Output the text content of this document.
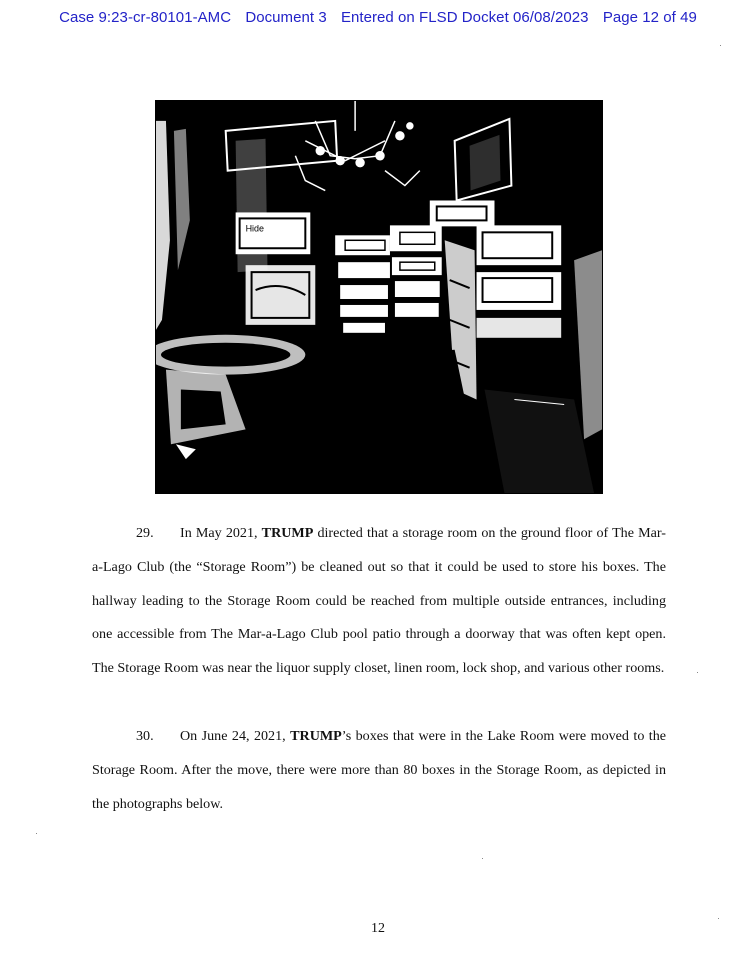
Case 9:23-cr-80101-AMC Document 3 Entered on FLSD Docket 06/08/2023 Page 12 of 49
Hide

29. In May 2021, TRUMP directed that a storage room on the ground floor of The Mar-a-Lago Club (the “Storage Room”) be cleaned out so that it could be used to store his boxes. The hallway leading to the Storage Room could be reached from multiple outside entrances, including one accessible from The Mar-a-Lago Club pool patio through a doorway that was often kept open. The Storage Room was near the liquor supply closet, linen room, lock shop, and various other rooms.

30. On June 24, 2021, TRUMP’s boxes that were in the Lake Room were moved to the Storage Room. After the move, there were more than 80 boxes in the Storage Room, as depicted in the photographs below.

12
